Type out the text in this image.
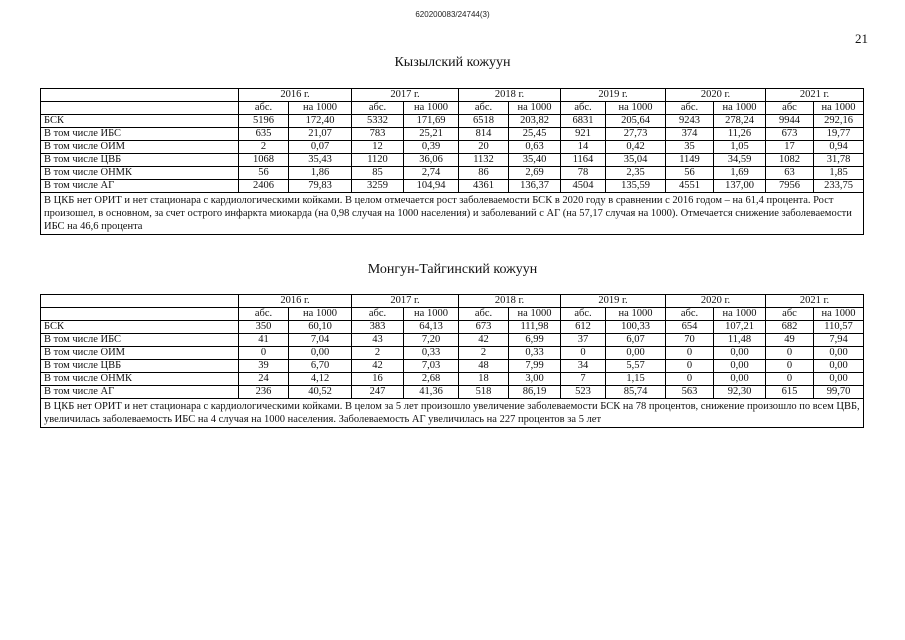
620200083/24744(3)
21
Кызылский кожуун
	2016 г.		2017 г.		2018 г.		2019 г.		2020 г.		2021 г.	
	абс.	на 1000	абс.	на 1000	абс.	на 1000	абс.	на 1000	абс.	на 1000	абс	на 1000
БСК	5196	172,40	5332	171,69	6518	203,82	6831	205,64	9243	278,24	9944	292,16
В том числе ИБС	635	21,07	783	25,21	814	25,45	921	27,73	374	11,26	673	19,77
В том числе ОИМ	2	0,07	12	0,39	20	0,63	14	0,42	35	1,05	17	0,94
В том числе ЦВБ	1068	35,43	1120	36,06	1132	35,40	1164	35,04	1149	34,59	1082	31,78
В том числе ОНМК	56	1,86	85	2,74	86	2,69	78	2,35	56	1,69	63	1,85
В том числе АГ	2406	79,83	3259	104,94	4361	136,37	4504	135,59	4551	137,00	7956	233,75
В ЦКБ нет ОРИТ и нет стационара с кардиологическими койками. В целом отмечается рост заболеваемости БСК в 2020 году в сравнении с 2016 годом – на 61,4 процента. Рост произошел, в основном, за счет острого инфаркта миокарда (на 0,98 случая на 1000 населения) и заболеваний с АГ (на 57,17 случая на 1000). Отмечается снижение заболеваемости ИБС на 46,6 процента												
Монгун-Тайгинский кожуун
	2016 г.		2017 г.		2018 г.		2019 г.		2020 г.		2021 г.	
	абс.	на 1000	абс.	на 1000	абс.	на 1000	абс.	на 1000	абс.	на 1000	абс	на 1000
БСК	350	60,10	383	64,13	673	111,98	612	100,33	654	107,21	682	110,57
В том числе ИБС	41	7,04	43	7,20	42	6,99	37	6,07	70	11,48	49	7,94
В том числе ОИМ	0	0,00	2	0,33	2	0,33	0	0,00	0	0,00	0	0,00
В том числе ЦВБ	39	6,70	42	7,03	48	7,99	34	5,57	0	0,00	0	0,00
В том числе ОНМК	24	4,12	16	2,68	18	3,00	7	1,15	0	0,00	0	0,00
В том числе АГ	236	40,52	247	41,36	518	86,19	523	85,74	563	92,30	615	99,70
В ЦКБ нет ОРИТ и нет стационара с кардиологическими койками. В целом за 5 лет произошло увеличение заболеваемости БСК на 78 процентов, снижение произошло по всем ЦВБ, увеличилась заболеваемость ИБС на 4 случая на 1000 населения. Заболеваемость АГ увеличилась на 227 процентов за 5 лет												
